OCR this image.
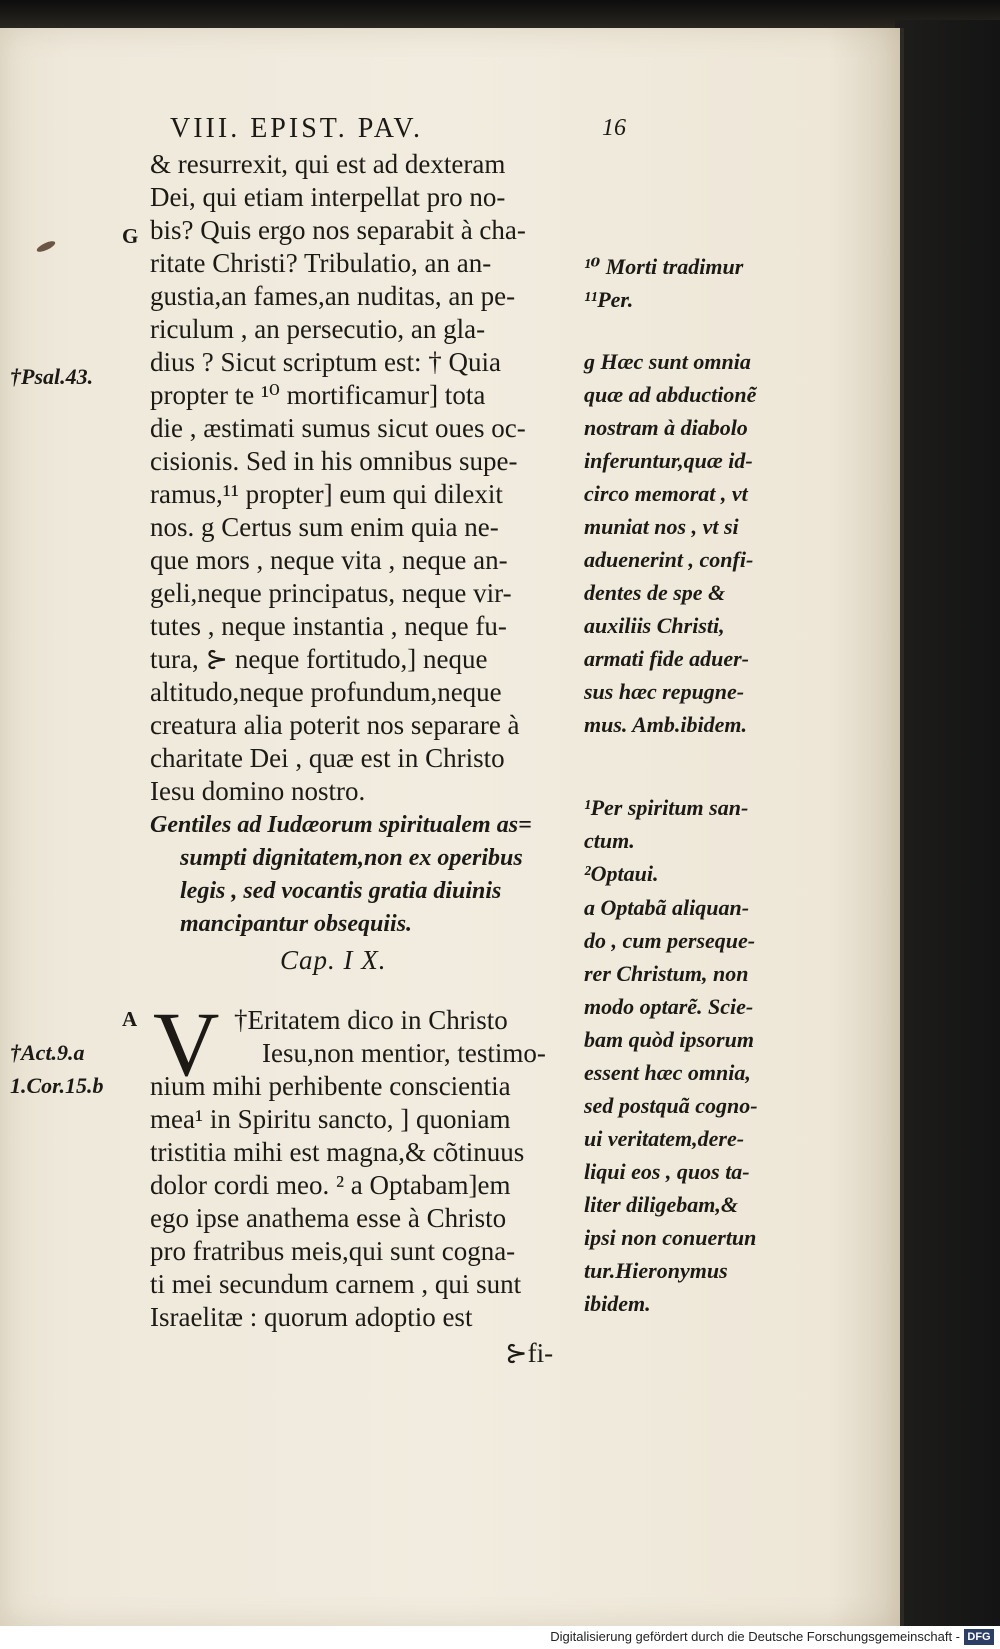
VIII. EPIST. PAV.	16

& resurrexit, qui est ad dexteram

Dei, qui etiam interpellat pro no-

bis? Quis ergo nos separabit à cha-

ritate Christi? Tribulatio, an an-

gustia,an fames,an nuditas, an pe-

riculum , an persecutio, an gla-

dius ? Sicut scriptum est: † Quia

propter te ¹⁰ mortificamur] tota

die , æstimati sumus sicut oues oc-

cisionis. Sed in his omnibus supe-

ramus,¹¹ propter] eum qui dilexit

nos. g Certus sum enim quia ne-

que mors , neque vita , neque an-

geli,neque principatus, neque vir-

tutes , neque instantia , neque fu-

tura, ⊱ neque fortitudo,] neque

altitudo,neque profundum,neque

creatura alia poterit nos separare à

charitate Dei , quæ est in Christo

Iesu domino nostro.

Gentiles ad Iudæorum spiritualem as=

sumpti dignitatem,non ex operibus

legis , sed vocantis gratia diuinis

mancipantur obsequiis.

Cap. I X.

V †Eritatem dico in Christo

Iesu,non mentior, testimo-

nium mihi perhibente conscientia

mea¹ in Spiritu sancto, ] quoniam

tristitia mihi est magna,& cõtinuus

dolor cordi meo. ² a Optabam]em

ego ipse anathema esse à Christo

pro fratribus meis,qui sunt cogna-

ti mei secundum carnem , qui sunt

Israelitæ : quorum adoptio est

⊱fi-

G

†Psal.43.

A

†Act.9.a

1.Cor.15.b

¹⁰ Morti tradimur

¹¹Per.

g Hæc sunt omnia

quæ ad abductionẽ

nostram à diabolo

inferuntur,quæ id-

circo memorat , vt

muniat nos , vt si

aduenerint , confi-

dentes de spe &

auxiliis Christi,

armati fide aduer-

sus hæc repugne-

mus. Amb.ibidem.

¹Per spiritum san-

ctum.

²Optaui.

a Optabã aliquan-

do , cum perseque-

rer Christum, non

modo optarẽ. Scie-

bam quòd ipsorum

essent hæc omnia,

sed postquã cogno-

ui veritatem,dere-

liqui eos , quos ta-

liter diligebam,&

ipsi non conuertun

tur.Hieronymus

ibidem.

Digitalisierung gefördert durch die Deutsche Forschungsgemeinschaft - DFG
